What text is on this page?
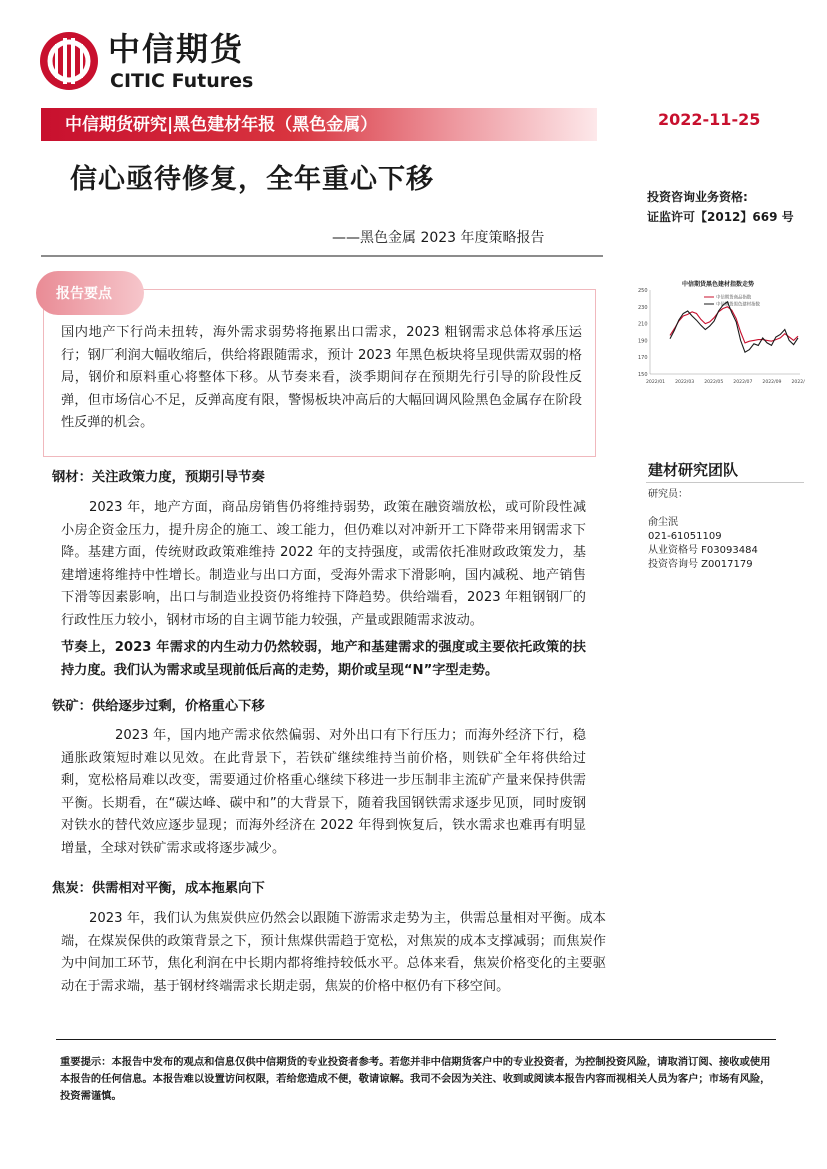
中信期货
CITIC Futures
中信期货研究|黑色建材年报（黑色金属）	2022-11-25
信心亟待修复，全年重心下移
——黑色金属 2023 年度策略报告
投资咨询业务资格:
证监许可【2012】669 号
报告要点
国内地产下行尚未扭转，海外需求弱势将拖累出口需求，2023 粗钢需求总体将承压运行；钢厂利润大幅收缩后，供给将跟随需求，预计 2023 年黑色板块将呈现供需双弱的格局，钢价和原料重心将整体下移。从节奏来看，淡季期间存在预期先行引导的阶段性反弹，但市场信心不足，反弹高度有限，警惕板块冲高后的大幅回调风险黑色金属存在阶段性反弹的机会。
钢材：关注政策力度，预期引导节奏
2023 年，地产方面，商品房销售仍将维持弱势，政策在融资端放松，或可阶段性减小房企资金压力，提升房企的施工、竣工能力，但仍难以对冲新开工下降带来用钢需求下降。基建方面，传统财政政策难维持 2022 年的支持强度，或需依托准财政政策发力，基建增速将维持中性增长。制造业与出口方面，受海外需求下滑影响，国内减税、地产销售下滑等因素影响，出口与制造业投资仍将维持下降趋势。供给端看，2023 年粗钢钢厂的行政性压力较小，钢材市场的自主调节能力较强，产量或跟随需求波动。
节奏上，2023 年需求的内生动力仍然较弱，地产和基建需求的强度或主要依托政策的扶持力度。我们认为需求或呈现前低后高的走势，期价或呈现“N”字型走势。
铁矿：供给逐步过剩，价格重心下移
2023 年，国内地产需求依然偏弱、对外出口有下行压力；而海外经济下行，稳通胀政策短时难以见效。在此背景下，若铁矿继续维持当前价格，则铁矿全年将供给过剩，宽松格局难以改变，需要通过价格重心继续下移进一步压制非主流矿产量来保持供需平衡。长期看，在“碳达峰、碳中和”的大背景下，随着我国钢铁需求逐步见顶，同时废钢对铁水的替代效应逐步显现；而海外经济在 2022 年得到恢复后，铁水需求也难再有明显增量，全球对铁矿需求或将逐步减少。
焦炭：供需相对平衡，成本拖累向下
2023 年，我们认为焦炭供应仍然会以跟随下游需求走势为主，供需总量相对平衡。成本端，在煤炭保供的政策背景之下，预计焦煤供需趋于宽松，对焦炭的成本支撑减弱；而焦炭作为中间加工环节，焦化利润在中长期内都将维持较低水平。总体来看，焦炭价格变化的主要驱动在于需求端，基于钢材终端需求长期走弱，焦炭的价格中枢仍有下移空间。
中信期货黑色建材指数走势
中信期货商品指数
中信期货黑色建材指数
250
230
210
190
170
150
2022/01 2022/03 2022/05 2022/07 2022/09 2022/
建材研究团队
研究员：
俞尘泯
021-61051109
从业资格号 F03093484
投资咨询号 Z0017179
重要提示：本报告中发布的观点和信息仅供中信期货的专业投资者参考。若您并非中信期货客户中的专业投资者，为控制投资风险，请取消订阅、接收或使用本报告的任何信息。本报告难以设置访问权限，若给您造成不便，敬请谅解。我司不会因为关注、收到或阅读本报告内容而视相关人员为客户；市场有风险，投资需谨慎。
